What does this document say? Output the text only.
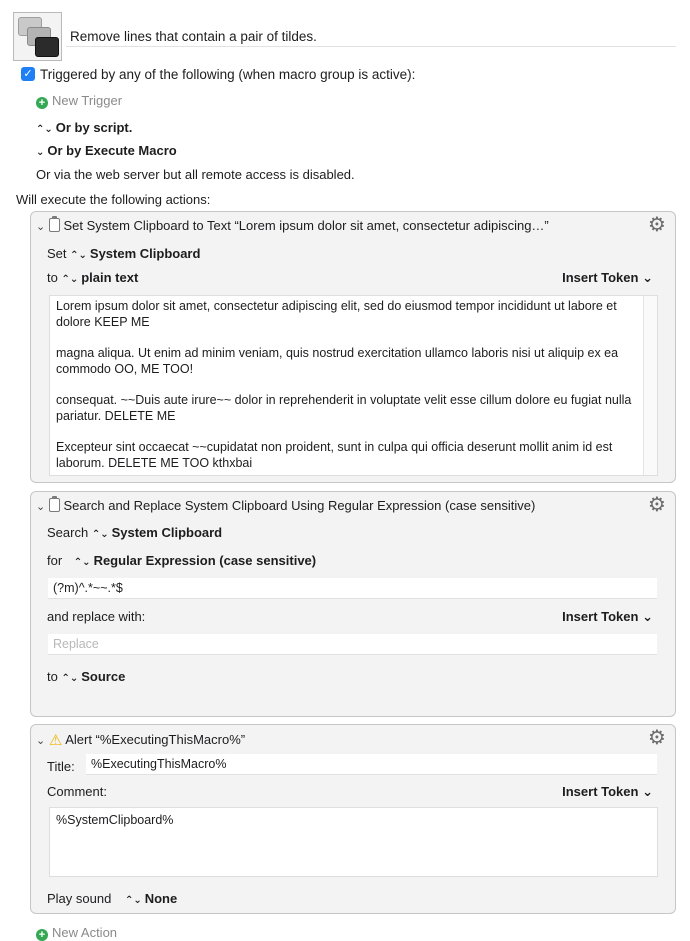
Remove lines that contain a pair of tildes.
✓ Triggered by any of the following (when macro group is active):
+ New Trigger
⌃⌄ Or by script.
⌄ Or by Execute Macro
Or via the web server but all remote access is disabled.
Will execute the following actions:
⌄ Set System Clipboard to Text “Lorem ipsum dolor sit amet, consectetur adipiscing…”	⚙
Set ⌃⌄ System Clipboard
to ⌃⌄ plain text	Insert Token ⌄

Lorem ipsum dolor sit amet, consectetur adipiscing elit, sed do eiusmod tempor incididunt ut labore et dolore KEEP ME

magna aliqua. Ut enim ad minim veniam, quis nostrud exercitation ullamco laboris nisi ut aliquip ex ea commodo OO, ME TOO!

consequat. ~~Duis aute irure~~ dolor in reprehenderit in voluptate velit esse cillum dolore eu fugiat nulla pariatur. DELETE ME

Excepteur sint occaecat ~~cupidatat non proident, sunt in culpa qui officia deserunt mollit anim id est laborum. DELETE ME TOO kthxbai

⌄ Search and Replace System Clipboard Using Regular Expression (case sensitive)	⚙
Search ⌃⌄ System Clipboard
for ⌃⌄ Regular Expression (case sensitive)
(?m)^.*~~.*$
and replace with:	Insert Token ⌄
Replace
to ⌃⌄ Source
⌄ ⚠ Alert “%ExecutingThisMacro%”	⚙
Title:	%ExecutingThisMacro%
Comment:	Insert Token ⌄
%SystemClipboard%
Play sound ⌃⌄ None
+ New Action
